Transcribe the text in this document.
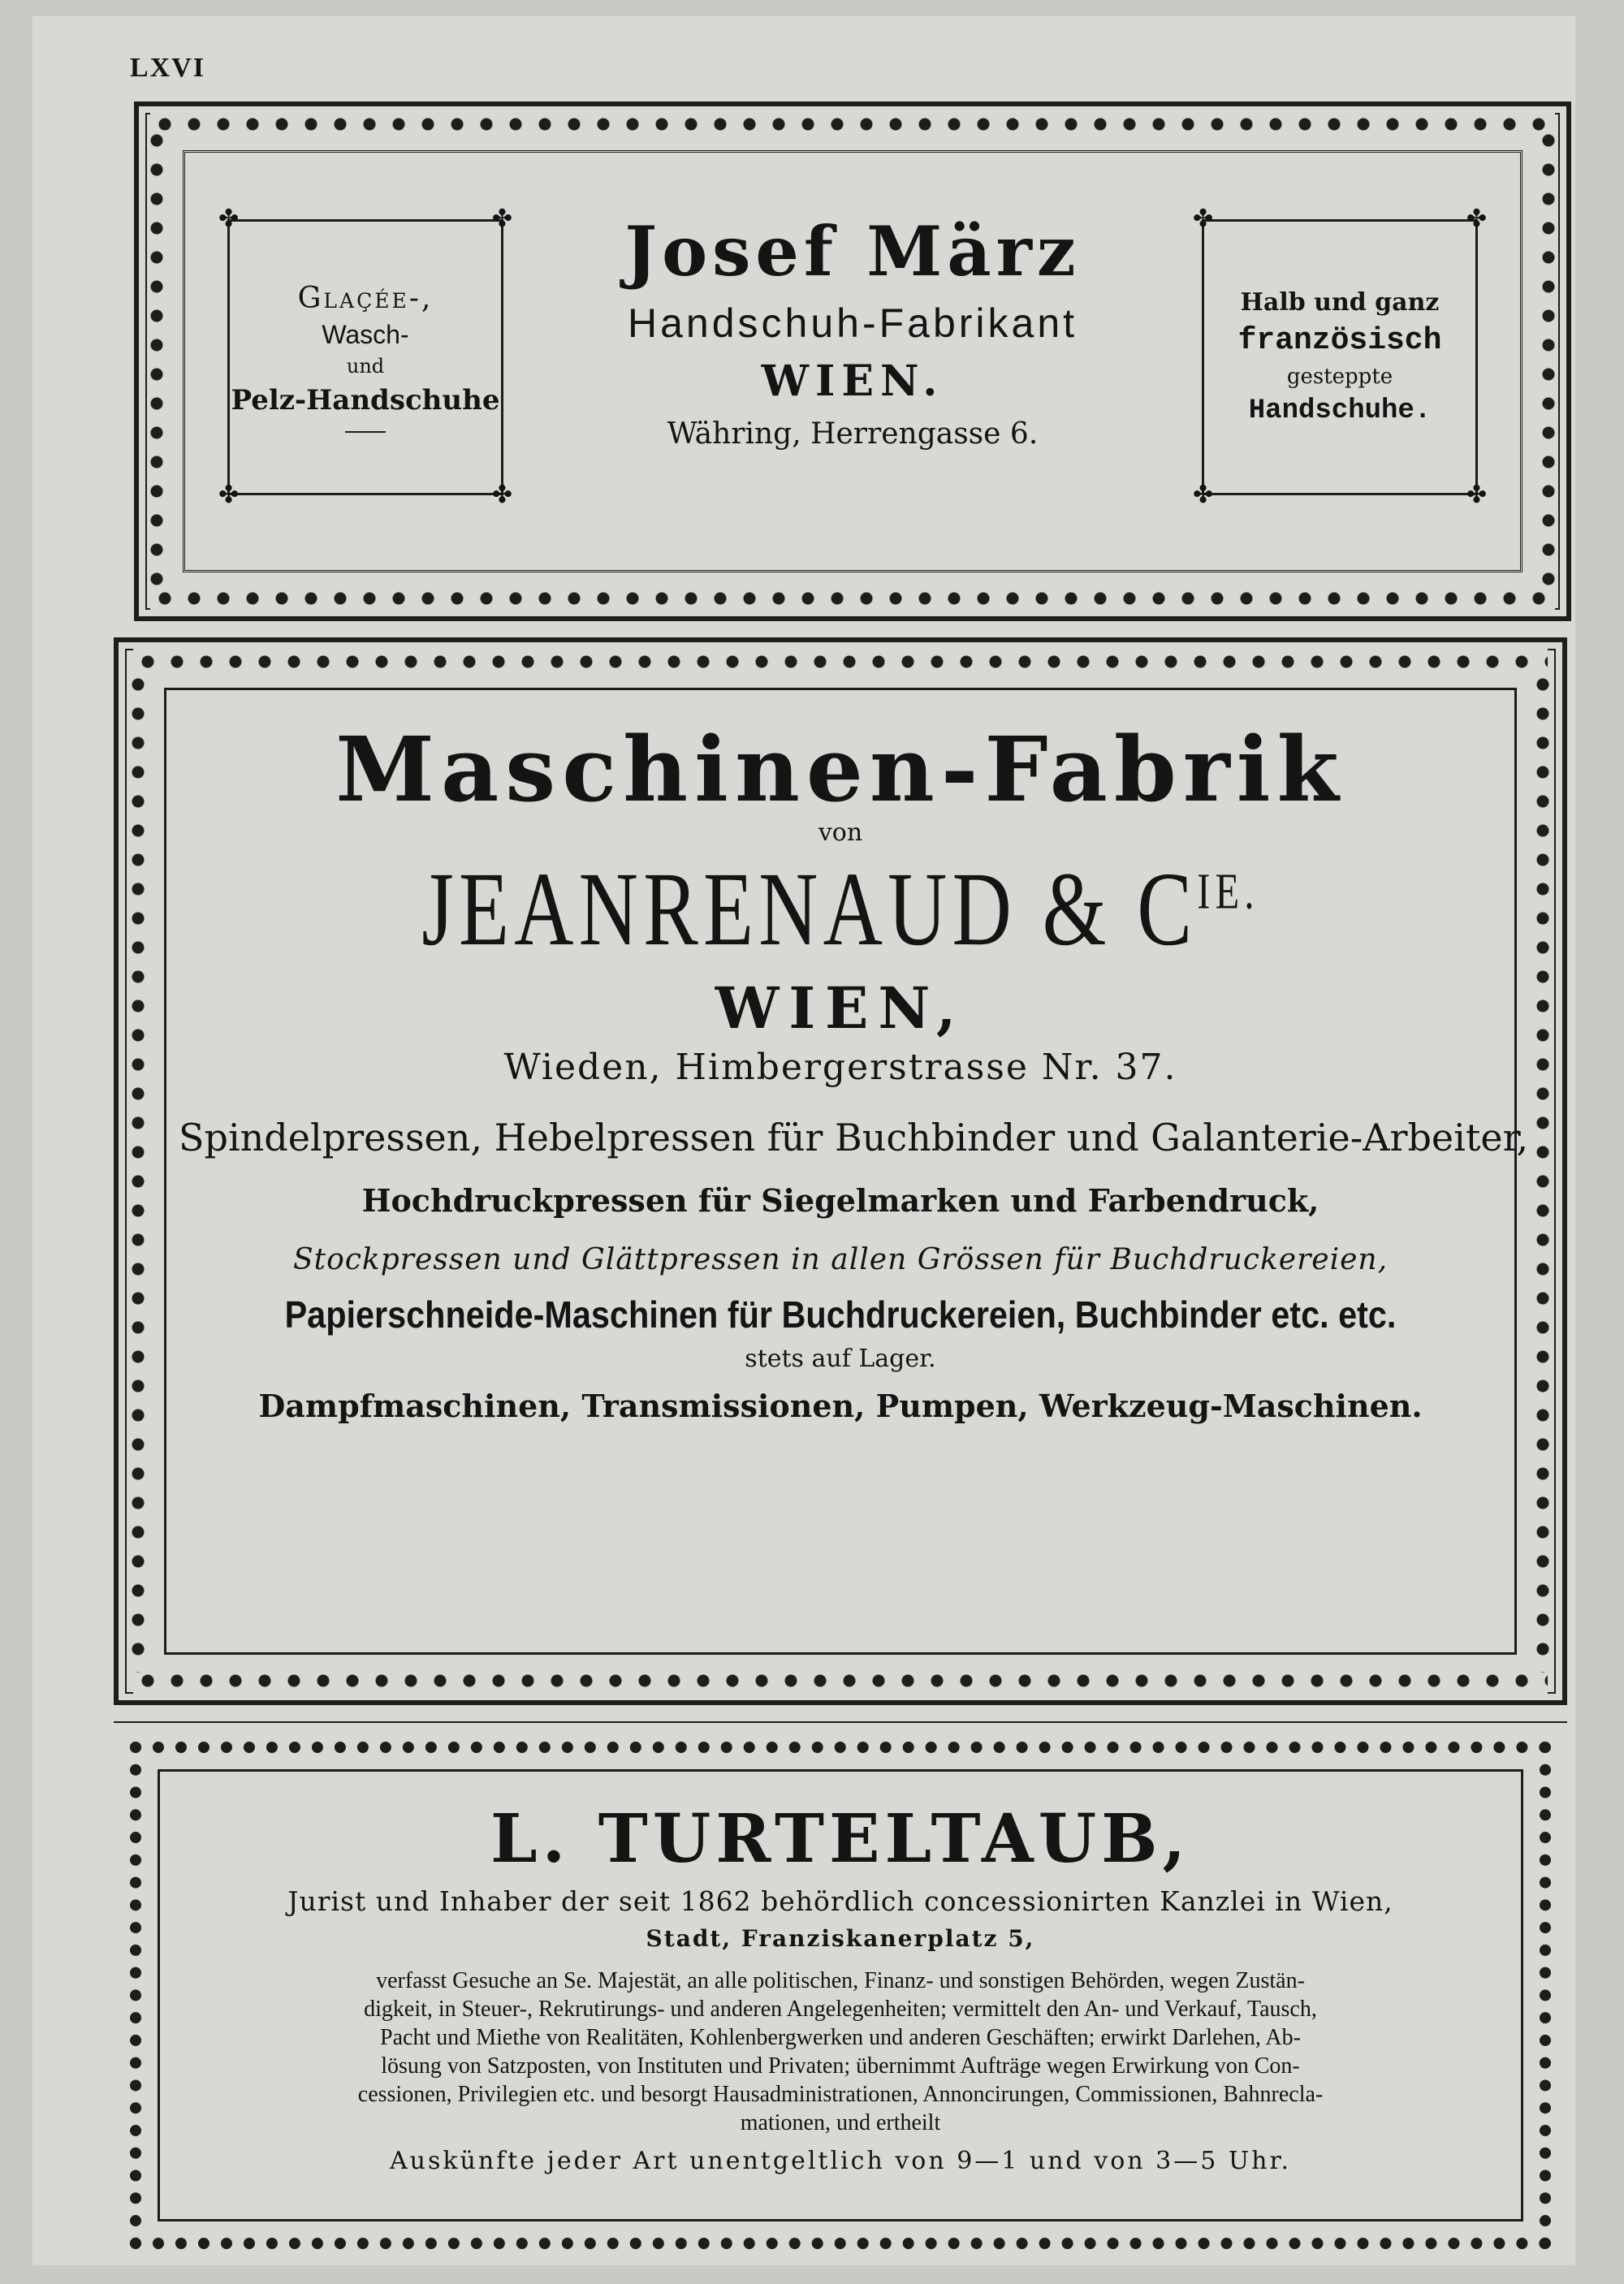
LXVI
✤	✤
✤	✤
Glaçée-,
Wasch-
und
Pelz-Handschuhe
Josef März
Handschuh-Fabrikant
WIEN.
Währing, Herrengasse 6.
✤	✤
✤	✤
Halb und ganz
französisch
gesteppte
Handschuhe.
Maschinen-Fabrik
von
JEANRENAUD & $C^{IE.}$
WIEN,
Wieden, Himbergerstrasse Nr. 37.
Spindelpressen, Hebelpressen für Buchbinder und Galanterie-Arbeiter,
Hochdruckpressen für Siegelmarken und Farbendruck,
Stockpressen und Glättpressen in allen Grössen für Buchdruckereien,
Papierschneide-Maschinen für Buchdruckereien, Buchbinder etc. etc.
stets auf Lager.
Dampfmaschinen, Transmissionen, Pumpen, Werkzeug-Maschinen.
L. TURTELTAUB,
Jurist und Inhaber der seit 1862 behördlich concessionirten Kanzlei in Wien,
Stadt, Franziskanerplatz 5,
verfasst Gesuche an Se. Majestät, an alle politischen, Finanz- und sonstigen Behörden, wegen Zustän-
digkeit, in Steuer-, Rekrutirungs- und anderen Angelegenheiten; vermittelt den An- und Verkauf, Tausch,
Pacht und Miethe von Realitäten, Kohlenbergwerken und anderen Geschäften; erwirkt Darlehen, Ab-
lösung von Satzposten, von Instituten und Privaten; übernimmt Aufträge wegen Erwirkung von Con-
cessionen, Privilegien etc. und besorgt Hausadministrationen, Annoncirungen, Commissionen, Bahnrecla-
mationen, und ertheilt
Auskünfte jeder Art unentgeltlich von 9—1 und von 3—5 Uhr.
